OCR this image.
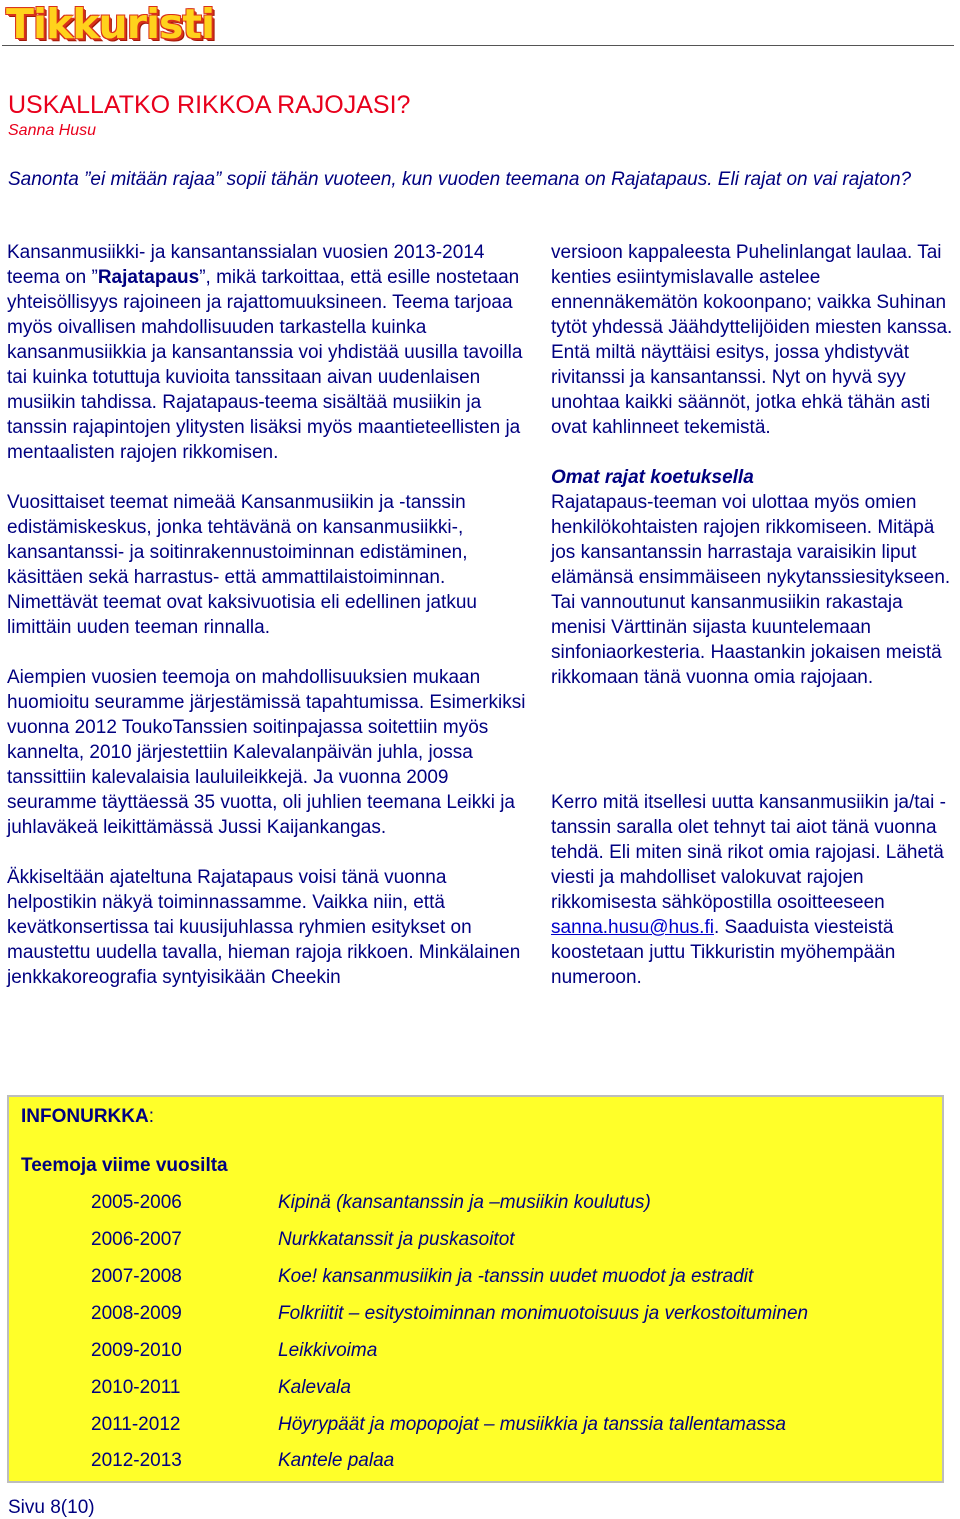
Tikkuristi
USKALLATKO RIKKOA RAJOJASI?
Sanna Husu
Sanonta ”ei mitään rajaa” sopii tähän vuoteen, kun vuoden teemana on Rajatapaus. Eli rajat on vai rajaton?

Kansanmusiikki- ja kansantanssialan vuosien 2013-2014 teema on ”Rajatapaus”, mikä tarkoittaa, että esille nostetaan yhteisöllisyys rajoineen ja rajattomuuksineen. Teema tarjoaa myös oivallisen mahdollisuuden tarkastella kuinka kansanmusiikkia ja kansantanssia voi yhdistää uusilla tavoilla tai kuinka totuttuja kuvioita tanssitaan aivan uudenlaisen musiikin tahdissa. Rajatapaus-teema sisältää musiikin ja tanssin rajapintojen ylitysten lisäksi myös maantieteellisten ja mentaalisten rajojen rikkomisen.

Vuosittaiset teemat nimeää Kansanmusiikin ja -tanssin edistämiskeskus, jonka tehtävänä on kansanmusiikki-, kansantanssi- ja soitinrakennustoiminnan edistäminen, käsittäen sekä harrastus- että ammattilaistoiminnan. Nimettävät teemat ovat kaksivuotisia eli edellinen jatkuu limittäin uuden teeman rinnalla.

Aiempien vuosien teemoja on mahdollisuuksien mukaan huomioitu seuramme järjestämissä tapahtumissa. Esimerkiksi vuonna 2012 ToukoTanssien soitinpajassa soitettiin myös kannelta, 2010 järjestettiin Kalevalanpäivän juhla, jossa tanssittiin kalevalaisia lauluileikkejä. Ja vuonna 2009 seuramme täyttäessä 35 vuotta, oli juhlien teemana Leikki ja juhlaväkeä leikittämässä Jussi Kaijankangas.

Äkkiseltään ajateltuna Rajatapaus voisi tänä vuonna helpostikin näkyä toiminnassamme. Vaikka niin, että kevätkonsertissa tai kuusijuhlassa ryhmien esitykset on maustettu uudella tavalla, hieman rajoja rikkoen. Minkälainen jenkkakoreografia syntyisikään Cheekin

versioon kappaleesta Puhelinlangat laulaa. Tai kenties esiintymislavalle astelee ennennäkemätön kokoonpano; vaikka Suhinan tytöt yhdessä Jäähdyttelijöiden miesten kanssa. Entä miltä näyttäisi esitys, jossa yhdistyvät rivitanssi ja kansantanssi. Nyt on hyvä syy unohtaa kaikki säännöt, jotka ehkä tähän asti ovat kahlinneet tekemistä.

Omat rajat koetuksella

Rajatapaus-teeman voi ulottaa myös omien henkilökohtaisten rajojen rikkomiseen. Mitäpä jos kansantanssin harrastaja varaisikin liput elämänsä ensimmäiseen nykytanssiesitykseen. Tai vannoutunut kansanmusiikin rakastaja menisi Värttinän sijasta kuuntelemaan sinfoniaorkesteria. Haastankin jokaisen meistä rikkomaan tänä vuonna omia rajojaan.

Kerro mitä itsellesi uutta kansanmusiikin ja/tai -tanssin saralla olet tehnyt tai aiot tänä vuonna tehdä. Eli miten sinä rikot omia rajojasi. Lähetä viesti ja mahdolliset valokuvat rajojen rikkomisesta sähköpostilla osoitteeseen sanna.husu@hus.fi. Saaduista viesteistä koostetaan juttu Tikkuristin myöhempään numeroon.

INFONURKKA:
Teemoja viime vuosilta
2005-2006	Kipinä (kansantanssin ja –musiikin koulutus)
2006-2007	Nurkkatanssit ja puskasoitot
2007-2008	Koe! kansanmusiikin ja -tanssin uudet muodot ja estradit
2008-2009	Folkriitit – esitystoiminnan monimuotoisuus ja verkostoituminen
2009-2010	Leikkivoima
2010-2011	Kalevala
2011-2012	Höyrypäät ja mopopojat – musiikkia ja tanssia tallentamassa
2012-2013	Kantele palaa
Sivu 8(10)
